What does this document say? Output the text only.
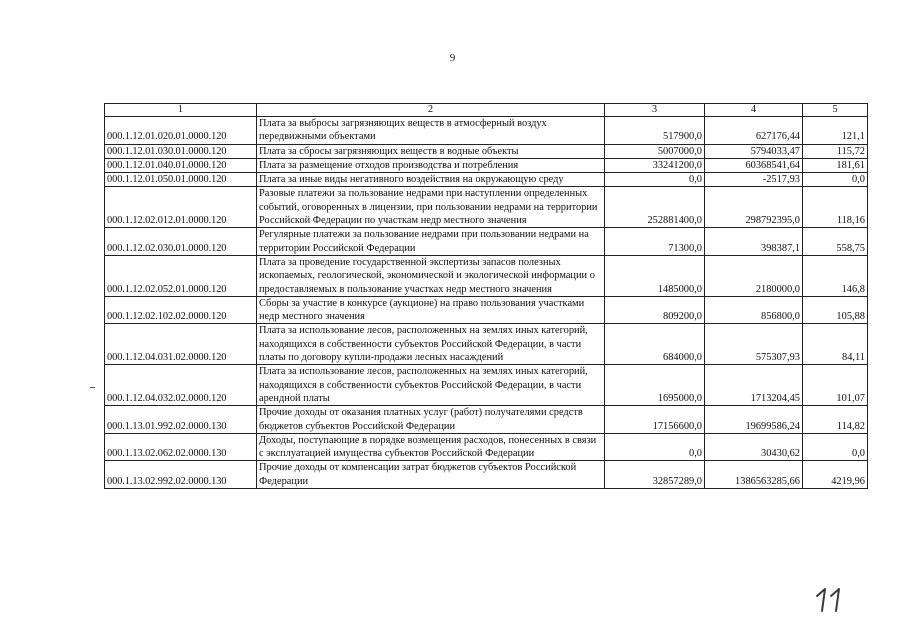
9
1	2	3	4	5
000.1.12.01.020.01.0000.120	Плата за выбросы загрязняющих веществ в атмосферный воздух передвижными объектами	517900,0	627176,44	121,1
000.1.12.01.030.01.0000.120	Плата за сбросы загрязняющих веществ в водные объекты	5007000,0	5794033,47	115,72
000.1.12.01.040.01.0000.120	Плата за размещение отходов производства и потребления	33241200,0	60368541,64	181,61
000.1.12.01.050.01.0000.120	Плата за иные виды негативного воздействия на окружающую среду	0,0	-2517,93	0,0
000.1.12.02.012.01.0000.120	Разовые платежи за пользование недрами при наступлении определенных событий, оговоренных в лицензии, при пользовании недрами на территории Российской Федерации по участкам недр местного значения	252881400,0	298792395,0	118,16
000.1.12.02.030.01.0000.120	Регулярные платежи за пользование недрами при пользовании недрами на территории Российской Федерации	71300,0	398387,1	558,75
000.1.12.02.052.01.0000.120	Плата за проведение государственной экспертизы запасов полезных ископаемых, геологической, экономической и экологической информации о предоставляемых в пользование участках недр местного значения	1485000,0	2180000,0	146,8
000.1.12.02.102.02.0000.120	Сборы за участие в конкурсе (аукционе) на право пользования участками недр местного значения	809200,0	856800,0	105,88
000.1.12.04.031.02.0000.120	Плата за использование лесов, расположенных на землях иных категорий, находящихся в собственности субъектов Российской Федерации, в части платы по договору купли-продажи лесных насаждений	684000,0	575307,93	84,11
000.1.12.04.032.02.0000.120	Плата за использование лесов, расположенных на землях иных категорий, находящихся в собственности субъектов Российской Федерации, в части арендной платы	1695000,0	1713204,45	101,07
000.1.13.01.992.02.0000.130	Прочие доходы от оказания платных услуг (работ) получателями средств бюджетов субъектов Российской Федерации	17156600,0	19699586,24	114,82
000.1.13.02.062.02.0000.130	Доходы, поступающие в порядке возмещения расходов, понесенных в связи с эксплуатацией имущества субъектов Российской Федерации	0,0	30430,62	0,0
000.1.13.02.992.02.0000.130	Прочие доходы от компенсации затрат бюджетов субъектов Российской Федерации	32857289,0	1386563285,66	4219,96
